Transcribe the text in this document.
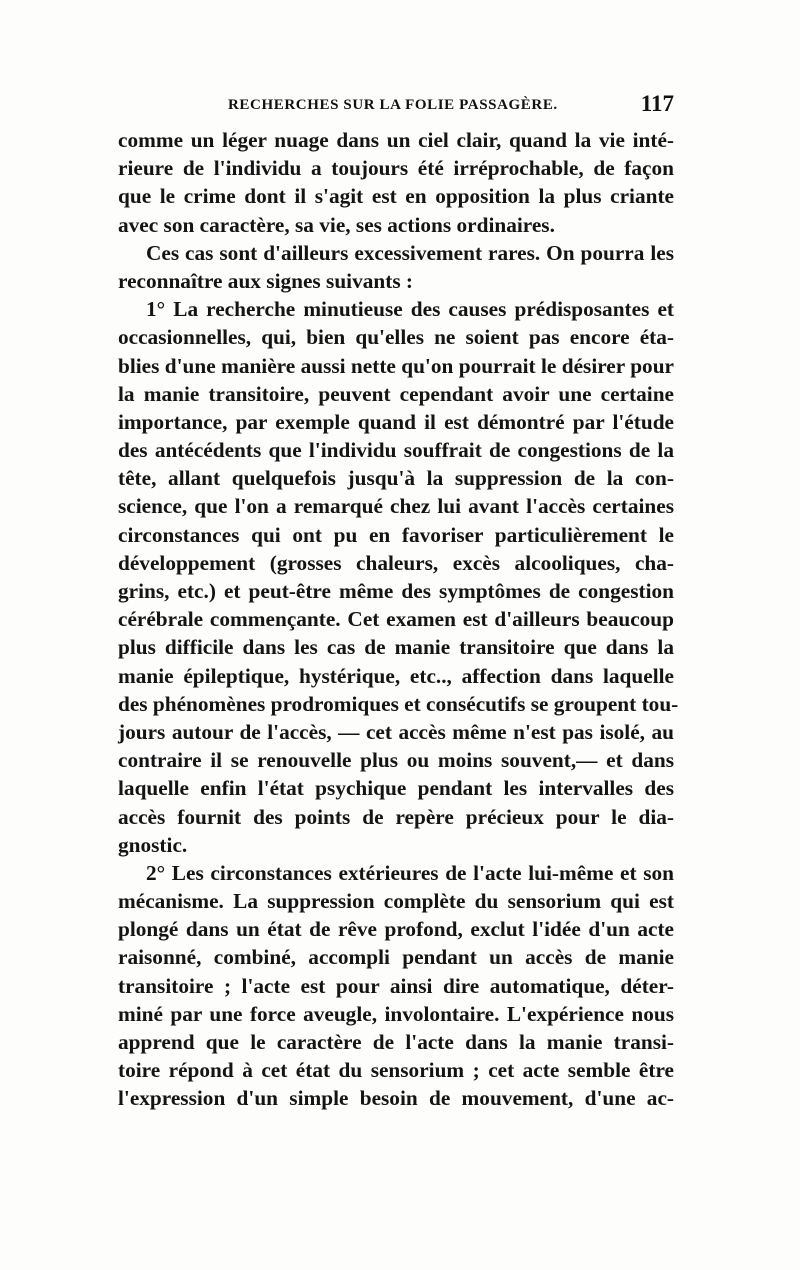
RECHERCHES SUR LA FOLIE PASSAGÈRE.	117
comme un léger nuage dans un ciel clair, quand la vie inté-
rieure de l'individu a toujours été irréprochable, de façon
que le crime dont il s'agit est en opposition la plus criante
avec son caractère, sa vie, ses actions ordinaires.
Ces cas sont d'ailleurs excessivement rares. On pourra les
reconnaître aux signes suivants :
1° La recherche minutieuse des causes prédisposantes et
occasionnelles, qui, bien qu'elles ne soient pas encore éta-
blies d'une manière aussi nette qu'on pourrait le désirer pour
la manie transitoire, peuvent cependant avoir une certaine
importance, par exemple quand il est démontré par l'étude
des antécédents que l'individu souffrait de congestions de la
tête, allant quelquefois jusqu'à la suppression de la con-
science, que l'on a remarqué chez lui avant l'accès certaines
circonstances qui ont pu en favoriser particulièrement le
développement (grosses chaleurs, excès alcooliques, cha-
grins, etc.) et peut-être même des symptômes de congestion
cérébrale commençante. Cet examen est d'ailleurs beaucoup
plus difficile dans les cas de manie transitoire que dans la
manie épileptique, hystérique, etc.., affection dans laquelle
des phénomènes prodromiques et consécutifs se groupent tou-
jours autour de l'accès, — cet accès même n'est pas isolé, au
contraire il se renouvelle plus ou moins souvent,— et dans
laquelle enfin l'état psychique pendant les intervalles des
accès fournit des points de repère précieux pour le dia-
gnostic.
2° Les circonstances extérieures de l'acte lui-même et son
mécanisme. La suppression complète du sensorium qui est
plongé dans un état de rêve profond, exclut l'idée d'un acte
raisonné, combiné, accompli pendant un accès de manie
transitoire ; l'acte est pour ainsi dire automatique, déter-
miné par une force aveugle, involontaire. L'expérience nous
apprend que le caractère de l'acte dans la manie transi-
toire répond à cet état du sensorium ; cet acte semble être
l'expression d'un simple besoin de mouvement, d'une ac-
